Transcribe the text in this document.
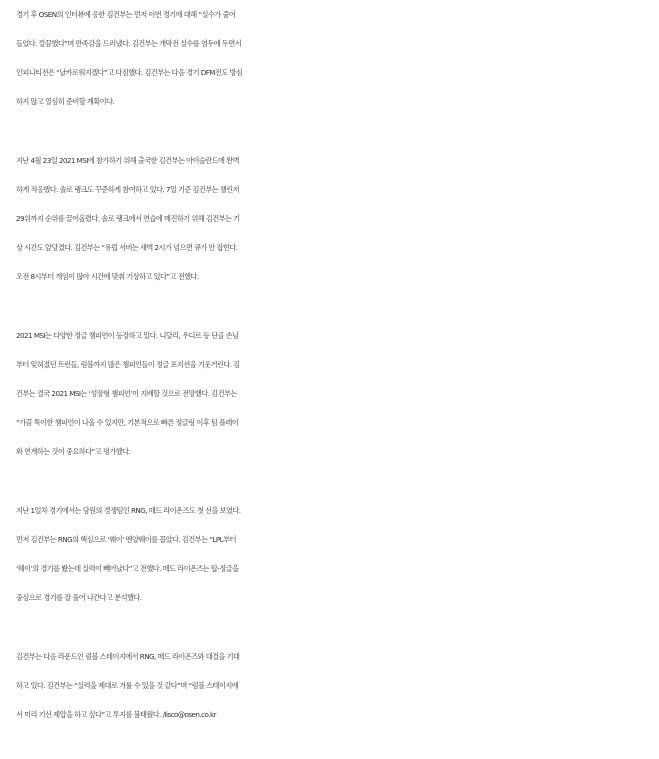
경기 후 OSEN의 인터뷰에 응한 김건부는 먼저 이번 경기에 대해 “실수가 줄어
들었다. 깔끔했다”며 만족감을 드러냈다. 김건부는 개막전 실수를 염두에 두면서
인피니티전은 “날카로워지겠다”고 다짐했다. 김건부는 다음 경기 DFM전도 방심
하지 않고 열심히 준비할 계획이다.
지난 4월 23일 2021 MSI에 참가하기 위해 출국한 김건부는 아이슬란드에 완벽
하게 적응했다. 솔로 랭크도 꾸준하게 참여하고 있다. 7일 기준 김건부는 챌린저
29위까지 순위를 끌어올렸다. 솔로 랭크에서 연습에 매진하기 위해 김건부는 기
상 시간도 앞당겼다. 김건부는 “유럽 서버는 새벽 2시가 넘으면 큐가 안 잡힌다.
오전 8시부터 게임이 많아 시간에 맞춰 기상하고 있다”고 전했다.
2021 MSI는 다양한 정글 챔피언이 등장하고 있다. 니달리, 우디르 등 단골 손님
부터 잊혀졌던 트런들, 럼블까지 많은 챔피언들이 정글 포지션을 기웃거린다. 김
건부는 결국 2021 MSI는 ‘성장형 챔피언’이 지배할 것으로 전망했다. 김건부는
“가끔 특이한 챔피언이 나올 수 있지만, 기본적으로 빠른 정글링 이후 팀 플레이
와 연계하는 것이 중요하다”고 평가했다.
지난 1일차 경기에서는 담원의 경쟁팀인 RNG, 매드 라이온즈도 첫 선을 보였다.
먼저 김건부는 RNG의 핵심으로 ‘웨이’ 옌양웨이를 꼽았다. 김건부는 “LPL부터
‘웨이’의 경기를 봤는데 실력이 빼어났다”고 전했다. 매드 라이온즈는 탑-정글을
중심으로 경기를 잘 풀어 나간다고 분석했다.
김건부는 다음 라운드인 럼블 스테이지에서 RNG, 매드 라이온즈와 대결을 기대
하고 있다. 김건부는 “실력을 제대로 겨룰 수 있을 것 같다”며 “럼블 스테이지에
서 미리 기선 제압을 하고 싶다”고 투지를 불태웠다. /lisco@osen.co.kr
